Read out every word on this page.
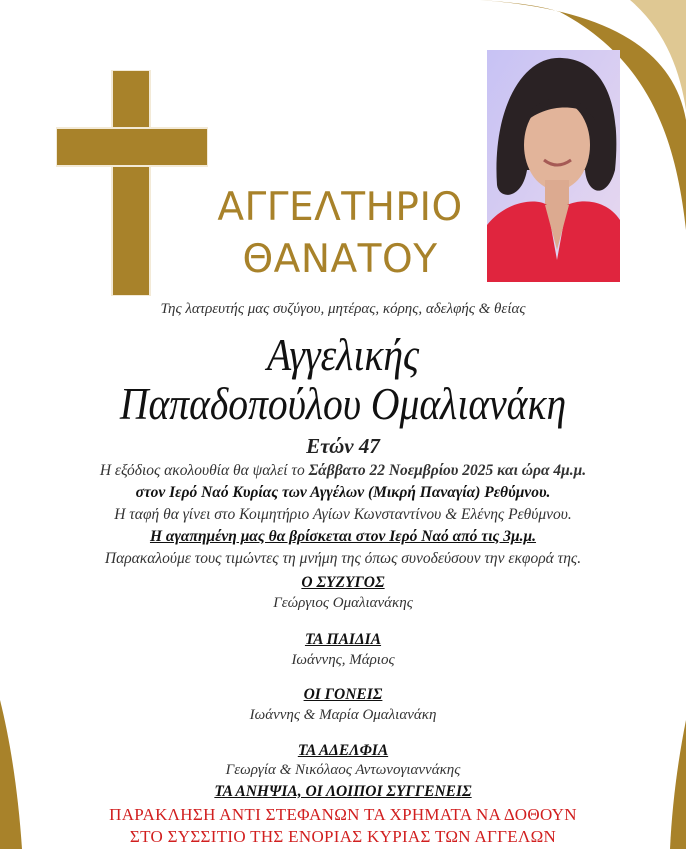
ΑΓΓΕΛΤΗΡΙΟ
ΘΑΝΑΤΟΥ
Της λατρευτής μας συζύγου, μητέρας, κόρης, αδελφής & θείας
Αγγελικής
Παπαδοπούλου Ομαλιανάκη
Ετών 47
Η εξόδιος ακολουθία θα ψαλεί το Σάββατο 22 Νοεμβρίου 2025 και ώρα 4μ.μ.
στον Ιερό Ναό Κυρίας των Αγγέλων (Μικρή Παναγία) Ρεθύμνου.
Η ταφή θα γίνει στο Κοιμητήριο Αγίων Κωνσταντίνου & Ελένης Ρεθύμνου.
Η αγαπημένη μας θα βρίσκεται στον Ιερό Ναό από τις 3μ.μ.
Παρακαλούμε τους τιμώντες τη μνήμη της όπως συνοδεύσουν την εκφορά της.
Ο ΣΥΖΥΓΟΣ
Γεώργιος Ομαλιανάκης
ΤΑ ΠΑΙΔΙΑ
Ιωάννης, Μάριος
ΟΙ ΓΟΝΕΙΣ
Ιωάννης & Μαρία Ομαλιανάκη
ΤΑ ΑΔΕΛΦΙΑ
Γεωργία & Νικόλαος Αντωνογιαννάκης
ΤΑ ΑΝΗΨΙΑ, ΟΙ ΛΟΙΠΟΙ ΣΥΓΓΕΝΕΙΣ
ΠΑΡΑΚΛΗΣΗ ΑΝΤΙ ΣΤΕΦΑΝΩΝ ΤΑ ΧΡΗΜΑΤΑ ΝΑ ΔΟΘΟΥΝ
ΣΤΟ ΣΥΣΣΙΤΙΟ ΤΗΣ ΕΝΟΡΙΑΣ ΚΥΡΙΑΣ ΤΩΝ ΑΓΓΕΛΩΝ
